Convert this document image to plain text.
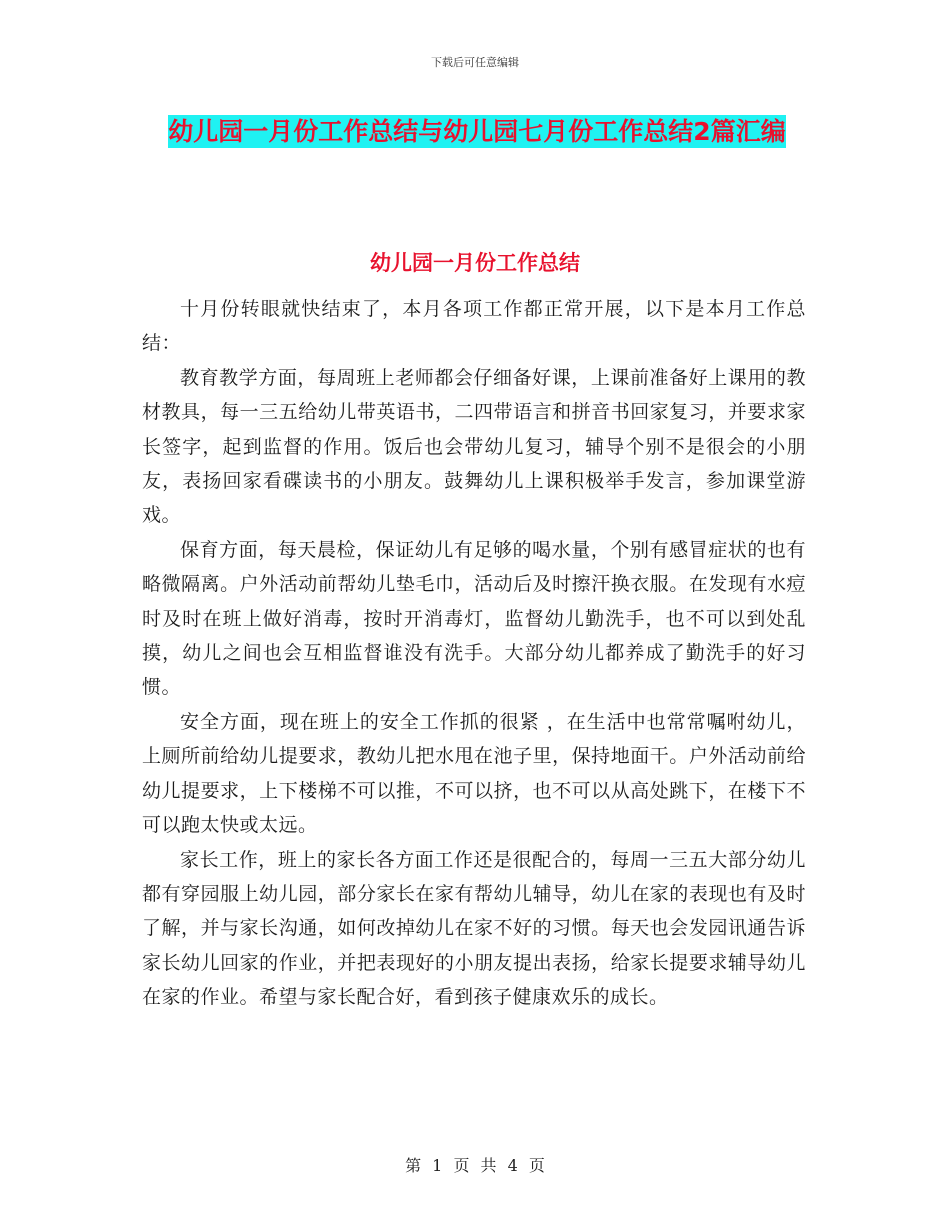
下载后可任意编辑
幼儿园一月份工作总结与幼儿园七月份工作总结2篇汇编
幼儿园一月份工作总结

十月份转眼就快结束了，本月各项工作都正常开展，以下是本月工作总结：

教育教学方面，每周班上老师都会仔细备好课，上课前准备好上课用的教材教具，每一三五给幼儿带英语书，二四带语言和拼音书回家复习，并要求家长签字，起到监督的作用。饭后也会带幼儿复习，辅导个别不是很会的小朋友，表扬回家看碟读书的小朋友。鼓舞幼儿上课积极举手发言，参加课堂游戏。

保育方面，每天晨检，保证幼儿有足够的喝水量，个别有感冒症状的也有略微隔离。户外活动前帮幼儿垫毛巾，活动后及时擦汗换衣服。在发现有水痘时及时在班上做好消毒，按时开消毒灯，监督幼儿勤洗手，也不可以到处乱摸，幼儿之间也会互相监督谁没有洗手。大部分幼儿都养成了勤洗手的好习惯。

安全方面，现在班上的安全工作抓的很紧 ，在生活中也常常嘱咐幼儿，上厕所前给幼儿提要求，教幼儿把水甩在池子里，保持地面干。户外活动前给幼儿提要求，上下楼梯不可以推，不可以挤，也不可以从高处跳下，在楼下不可以跑太快或太远。

家长工作，班上的家长各方面工作还是很配合的，每周一三五大部分幼儿都有穿园服上幼儿园，部分家长在家有帮幼儿辅导，幼儿在家的表现也有及时了解，并与家长沟通，如何改掉幼儿在家不好的习惯。每天也会发园讯通告诉家长幼儿回家的作业，并把表现好的小朋友提出表扬，给家长提要求辅导幼儿在家的作业。希望与家长配合好，看到孩子健康欢乐的成长。

第 1 页 共 4 页
